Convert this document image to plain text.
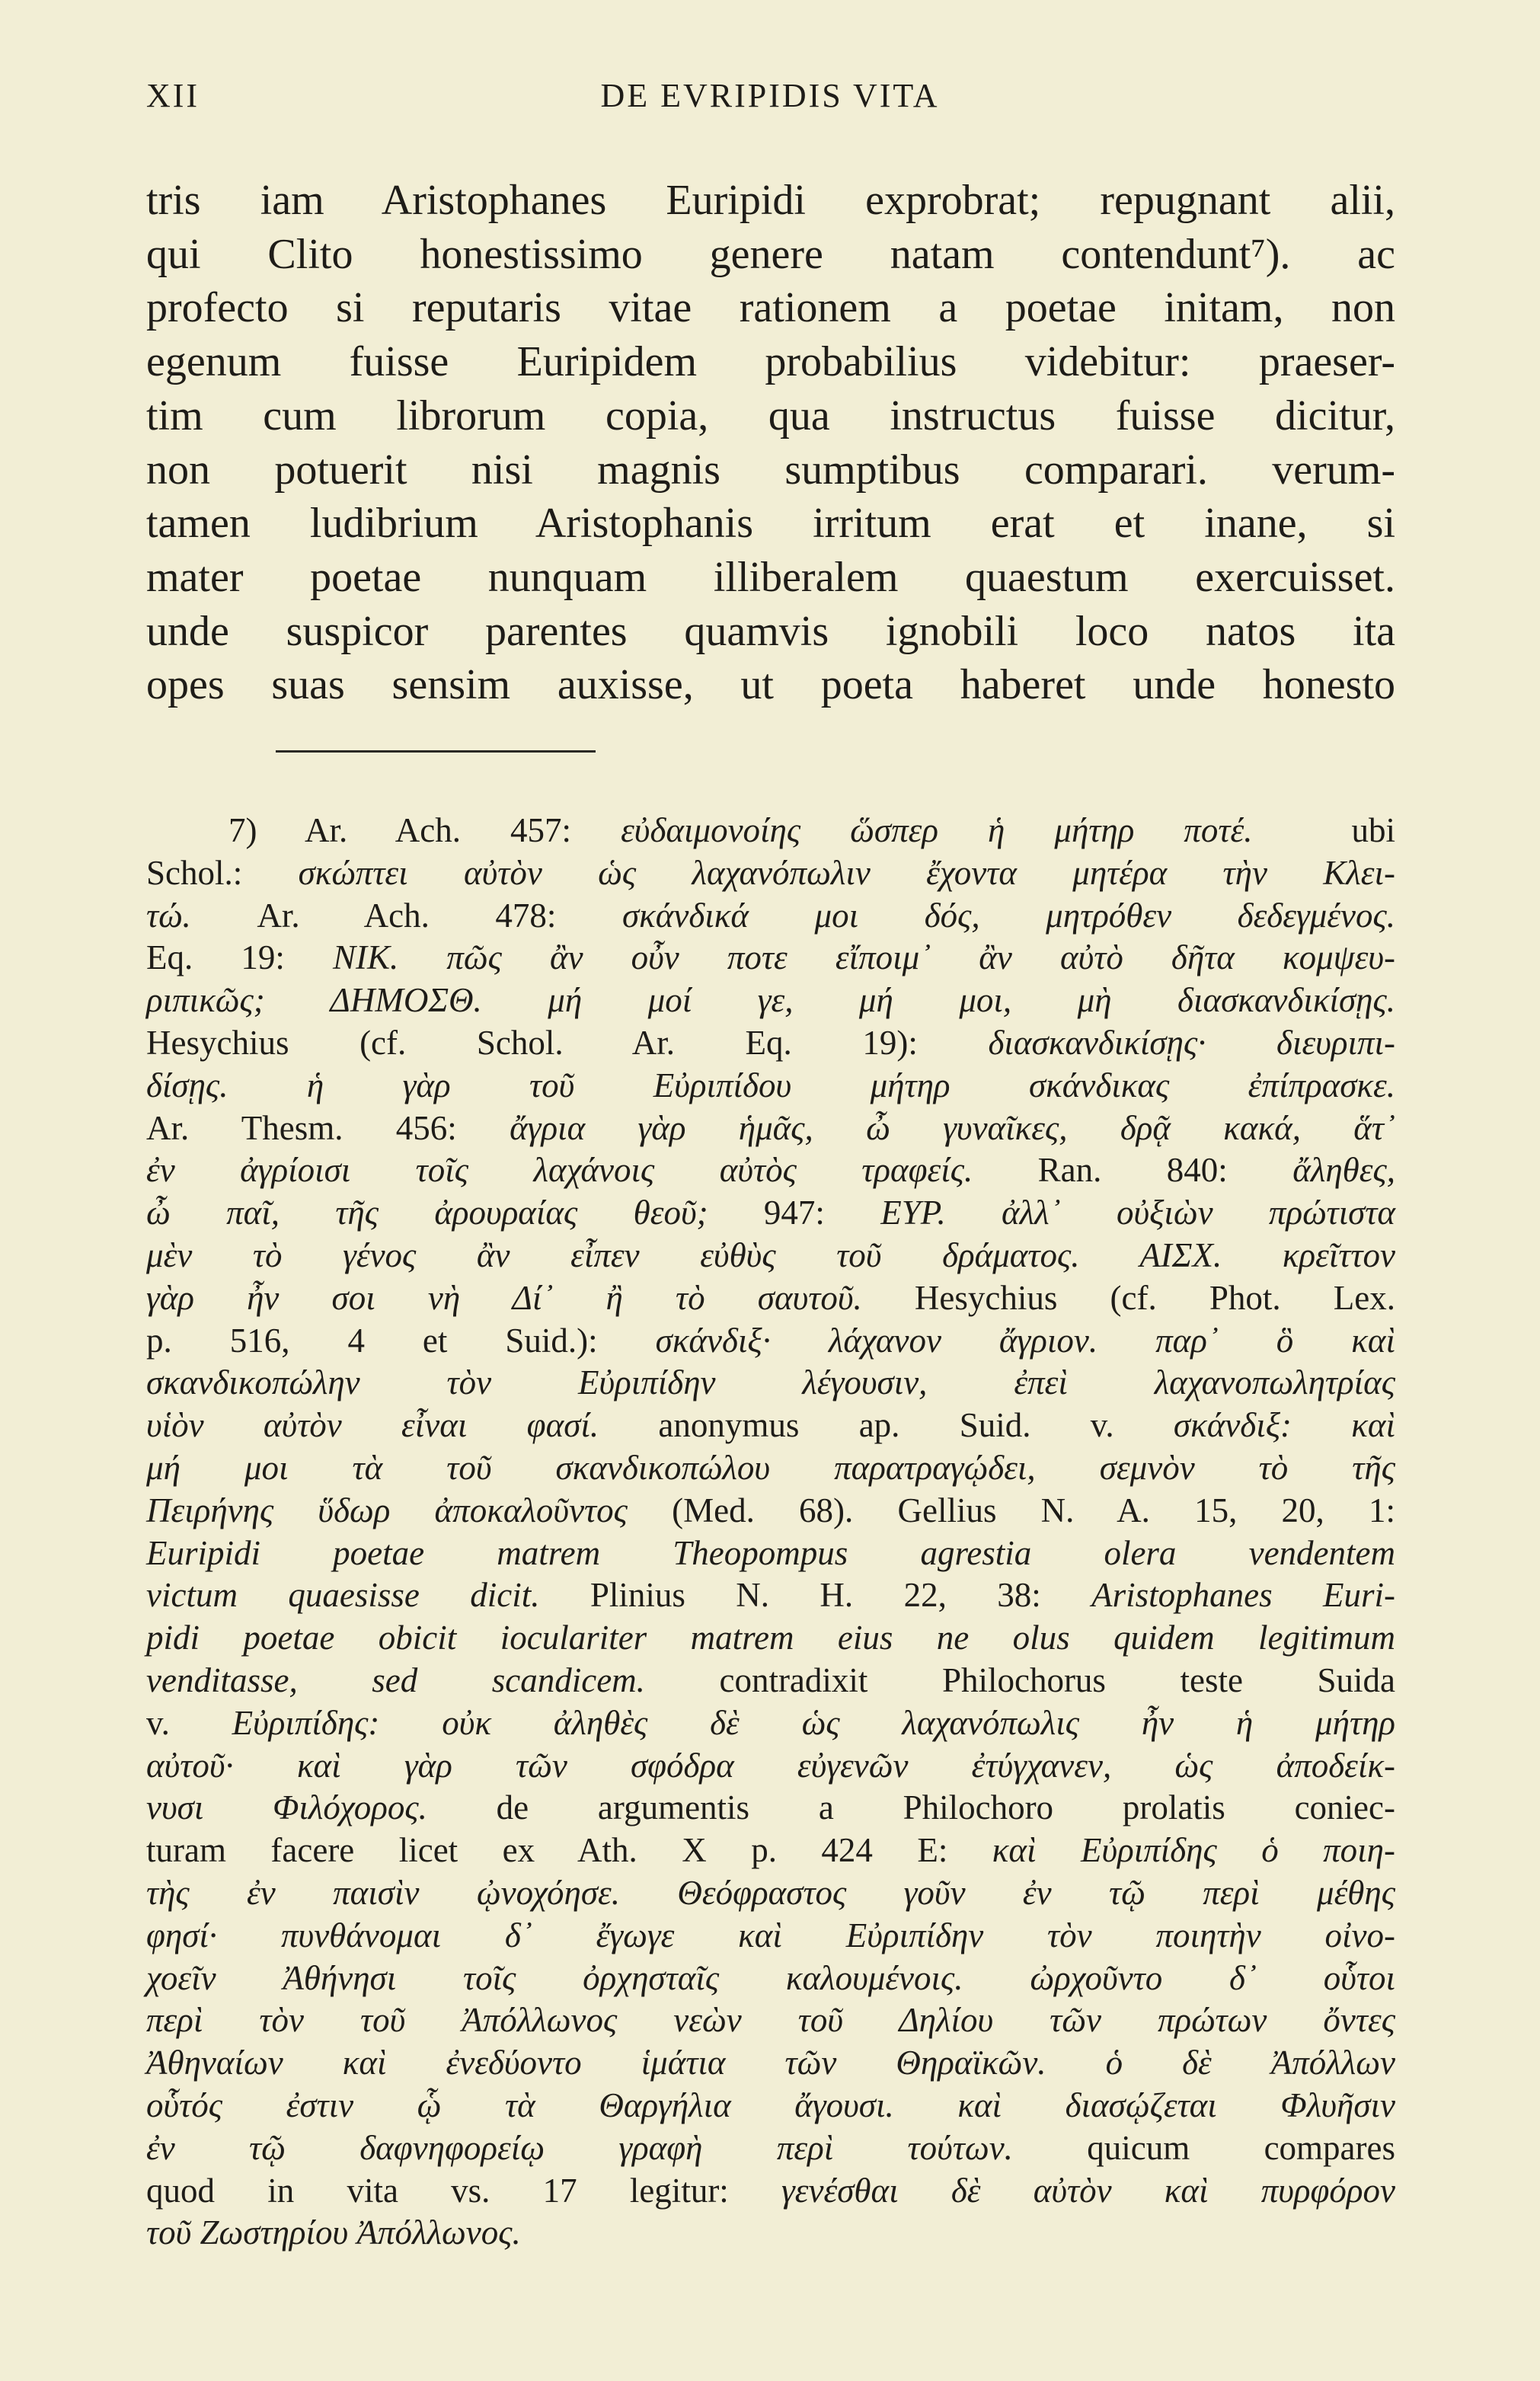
XII	DE EVRIPIDIS VITA
tris iam Aristophanes Euripidi exprobrat; repugnant alii,
qui Clito honestissimo genere natam contendunt⁷). ac
profecto si reputaris vitae rationem a poetae initam, non
egenum fuisse Euripidem probabilius videbitur: praeser-
tim cum librorum copia, qua instructus fuisse dicitur,
non potuerit nisi magnis sumptibus comparari. verum-
tamen ludibrium Aristophanis irritum erat et inane, si
mater poetae nunquam illiberalem quaestum exercuisset.
unde suspicor parentes quamvis ignobili loco natos ita
opes suas sensim auxisse, ut poeta haberet unde honesto
7) Ar. Ach. 457: εὐδαιμονοίης ὥσπερ ἡ μήτηρ ποτέ.  ubi
Schol.: σκώπτει αὐτὸν ὡς λαχανόπωλιν ἔχοντα μητέρα τὴν Κλει-
τώ. Ar. Ach. 478: σκάνδικά μοι δός, μητρόθεν δεδεγμένος.
Eq. 19: NIK. πῶς ἂν οὖν ποτε εἴποιμ᾽ ἂν αὐτὸ δῆτα κομψευ-
ριπικῶς; ΔΗΜΟΣΘ. μή μοί γε, μή μοι, μὴ διασκανδικίσῃς.
Hesychius (cf. Schol. Ar. Eq. 19): διασκανδικίσῃς· διευριπι-
δίσῃς. ἡ γὰρ τοῦ Εὐριπίδου μήτηρ σκάνδικας ἐπίπρασκε.
Ar. Thesm. 456: ἄγρια γὰρ ἡμᾶς, ὦ γυναῖκες, δρᾷ κακά, ἅτ᾽
ἐν ἀγρίοισι τοῖς λαχάνοις αὐτὸς τραφείς. Ran. 840: ἄληθες,
ὦ παῖ, τῆς ἀρουραίας θεοῦ; 947: ΕΥΡ. ἀλλ᾽ οὐξιὼν πρώτιστα
μὲν τὸ γένος ἂν εἶπεν εὐθὺς τοῦ δράματος. ΑΙΣΧ. κρεῖττον
γὰρ ἦν σοι νὴ Δί᾽ ἢ τὸ σαυτοῦ. Hesychius (cf. Phot. Lex.
p. 516, 4 et Suid.): σκάνδιξ· λάχανον ἄγριον. παρ᾽ ὃ καὶ
σκανδικοπώλην τὸν Εὐριπίδην λέγουσιν, ἐπεὶ λαχανοπωλητρίας
υἱὸν αὐτὸν εἶναι φασί. anonymus ap. Suid. v. σκάνδιξ: καὶ
μή μοι τὰ τοῦ σκανδικοπώλου παρατραγῴδει, σεμνὸν τὸ τῆς
Πειρήνης ὕδωρ ἀποκαλοῦντος (Med. 68). Gellius N. A. 15, 20, 1:
Euripidi poetae matrem Theopompus agrestia olera vendentem
victum quaesisse dicit. Plinius N. H. 22, 38: Aristophanes Euri-
pidi poetae obicit ioculariter matrem eius ne olus quidem legitimum
venditasse, sed scandicem. contradixit Philochorus teste Suida
v. Εὐριπίδης: οὐκ ἀληθὲς δὲ ὡς λαχανόπωλις ἦν ἡ μήτηρ
αὐτοῦ· καὶ γὰρ τῶν σφόδρα εὐγενῶν ἐτύγχανεν, ὡς ἀποδείκ-
νυσι Φιλόχορος. de argumentis a Philochoro prolatis coniec-
turam facere licet ex Ath. X p. 424 E: καὶ Εὐριπίδης ὁ ποιη-
τὴς ἐν παισὶν ᾠνοχόησε. Θεόφραστος γοῦν ἐν τῷ περὶ μέθης
φησί· πυνθάνομαι δ᾽ ἔγωγε καὶ Εὐριπίδην τὸν ποιητὴν οἰνο-
χοεῖν Ἀθήνησι τοῖς ὀρχησταῖς καλουμένοις. ὠρχοῦντο δ᾽ οὗτοι
περὶ τὸν τοῦ Ἀπόλλωνος νεὼν τοῦ Δηλίου τῶν πρώτων ὄντες
Ἀθηναίων καὶ ἐνεδύοντο ἱμάτια τῶν Θηραϊκῶν. ὁ δὲ Ἀπόλλων
οὗτός ἐστιν ᾧ τὰ Θαργήλια ἄγουσι. καὶ διασῴζεται Φλυῆσιν
ἐν τῷ δαφνηφορείῳ γραφὴ περὶ τούτων. quicum compares
quod in vita vs. 17 legitur: γενέσθαι δὲ αὐτὸν καὶ πυρφόρον
τοῦ Ζωστηρίου Ἀπόλλωνος.
